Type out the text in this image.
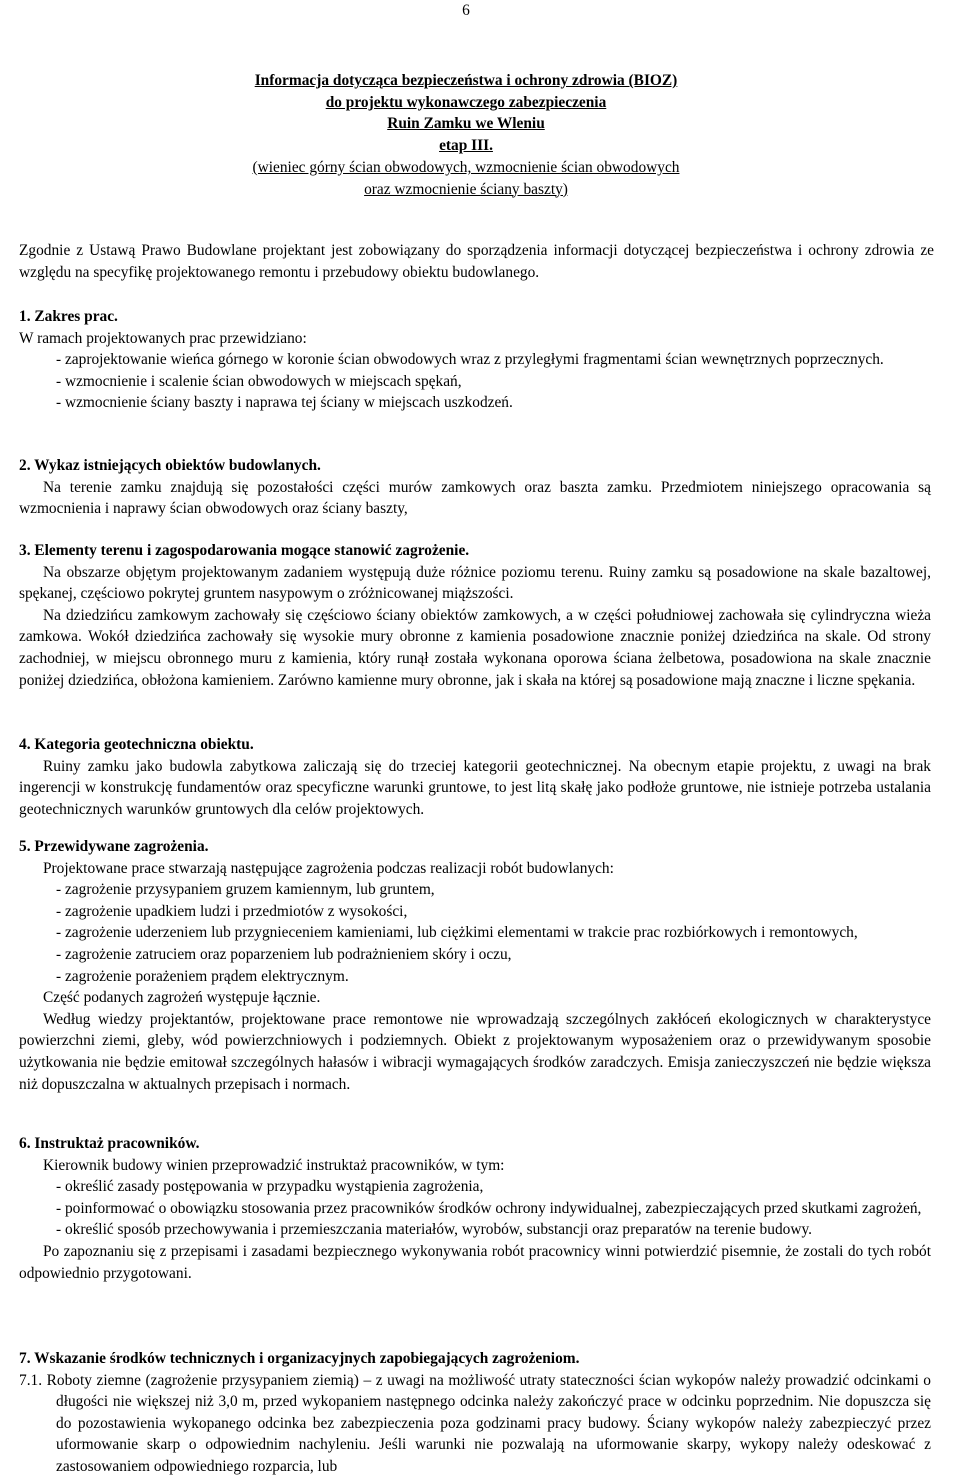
6
Informacja dotycząca bezpieczeństwa i ochrony zdrowia (BIOZ)
do projektu wykonawczego zabezpieczenia
Ruin Zamku we Wleniu
etap III.
(wieniec górny ścian obwodowych, wzmocnienie ścian obwodowych
oraz wzmocnienie ściany baszty)

Zgodnie z Ustawą Prawo Budowlane projektant jest zobowiązany do sporządzenia informacji dotyczącej bezpieczeństwa i ochrony zdrowia ze względu na specyfikę projektowanego remontu i przebudowy obiektu budowlanego.

1. Zakres prac.

W ramach projektowanych prac przewidziano:

- zaprojektowanie wieńca górnego w koronie ścian obwodowych wraz z przyległymi fragmentami ścian wewnętrznych poprzecznych.
- wzmocnienie i scalenie ścian obwodowych w miejscach spękań,
- wzmocnienie ściany baszty i naprawa tej ściany w miejscach uszkodzeń.
2. Wykaz istniejących obiektów budowlanych.

Na terenie zamku znajdują się pozostałości części murów zamkowych oraz baszta zamku. Przedmiotem niniejszego opracowania są wzmocnienia i naprawy ścian obwodowych oraz ściany baszty,

3. Elementy terenu i zagospodarowania mogące stanowić zagrożenie.

Na obszarze objętym projektowanym zadaniem występują duże różnice poziomu terenu. Ruiny zamku są posadowione na skale bazaltowej, spękanej, częściowo pokrytej gruntem nasypowym o zróżnicowanej miąższości.

Na dziedzińcu zamkowym zachowały się częściowo ściany obiektów zamkowych, a w części południowej zachowała się cylindryczna wieża zamkowa. Wokół dziedzińca zachowały się wysokie mury obronne z kamienia posadowione znacznie poniżej dziedzińca na skale. Od strony zachodniej, w miejscu obronnego muru z kamienia, który runął została wykonana oporowa ściana żelbetowa, posadowiona na skale znacznie poniżej dziedzińca, obłożona kamieniem. Zarówno kamienne mury obronne, jak i skała na której są posadowione mają znaczne i liczne spękania.

4. Kategoria geotechniczna obiektu.

Ruiny zamku jako budowla zabytkowa zaliczają się do trzeciej kategorii geotechnicznej. Na obecnym etapie projektu, z uwagi na brak ingerencji w konstrukcję fundamentów oraz specyficzne warunki gruntowe, to jest litą skałę jako podłoże gruntowe, nie istnieje potrzeba ustalania geotechnicznych warunków gruntowych dla celów projektowych.

5. Przewidywane zagrożenia.

Projektowane prace stwarzają następujące zagrożenia podczas realizacji robót budowlanych:

- zagrożenie przysypaniem gruzem kamiennym, lub gruntem,
- zagrożenie upadkiem ludzi i przedmiotów z wysokości,
- zagrożenie uderzeniem lub przygnieceniem kamieniami, lub ciężkimi elementami w trakcie prac rozbiórkowych i remontowych,
- zagrożenie zatruciem oraz poparzeniem lub podrażnieniem skóry i oczu,
- zagrożenie porażeniem prądem elektrycznym.

Część podanych zagrożeń występuje łącznie.

Według wiedzy projektantów, projektowane prace remontowe nie wprowadzają szczególnych zakłóceń ekologicznych w charakterystyce powierzchni ziemi, gleby, wód powierzchniowych i podziemnych. Obiekt z projektowanym wyposażeniem oraz o przewidywanym sposobie użytkowania nie będzie emitował szczególnych hałasów i wibracji wymagających środków zaradczych. Emisja zanieczyszczeń nie będzie większa niż dopuszczalna w aktualnych przepisach i normach.

6. Instruktaż pracowników.

Kierownik budowy winien przeprowadzić instruktaż pracowników, w tym:

- określić zasady postępowania w przypadku wystąpienia zagrożenia,
- poinformować o obowiązku stosowania przez pracowników środków ochrony indywidualnej, zabezpieczających przed skutkami zagrożeń,
- określić sposób przechowywania i przemieszczania materiałów, wyrobów, substancji oraz preparatów na terenie budowy.

Po zapoznaniu się z przepisami i zasadami bezpiecznego wykonywania robót pracownicy winni potwierdzić pisemnie, że zostali do tych robót odpowiednio przygotowani.

7. Wskazanie środków technicznych i organizacyjnych zapobiegających zagrożeniom.

7.1. Roboty ziemne (zagrożenie przysypaniem ziemią) – z uwagi na możliwość utraty stateczności ścian wykopów należy prowadzić odcinkami o długości nie większej niż 3,0 m, przed wykopaniem następnego odcinka należy zakończyć prace w odcinku poprzednim. Nie dopuszcza się do pozostawienia wykopanego odcinka bez zabezpieczenia poza godzinami pracy budowy. Ściany wykopów należy zabezpieczyć przez uformowanie skarp o odpowiednim nachyleniu. Jeśli warunki nie pozwalają na uformowanie skarpy, wykopy należy odeskować z zastosowaniem odpowiedniego rozparcia, lub
